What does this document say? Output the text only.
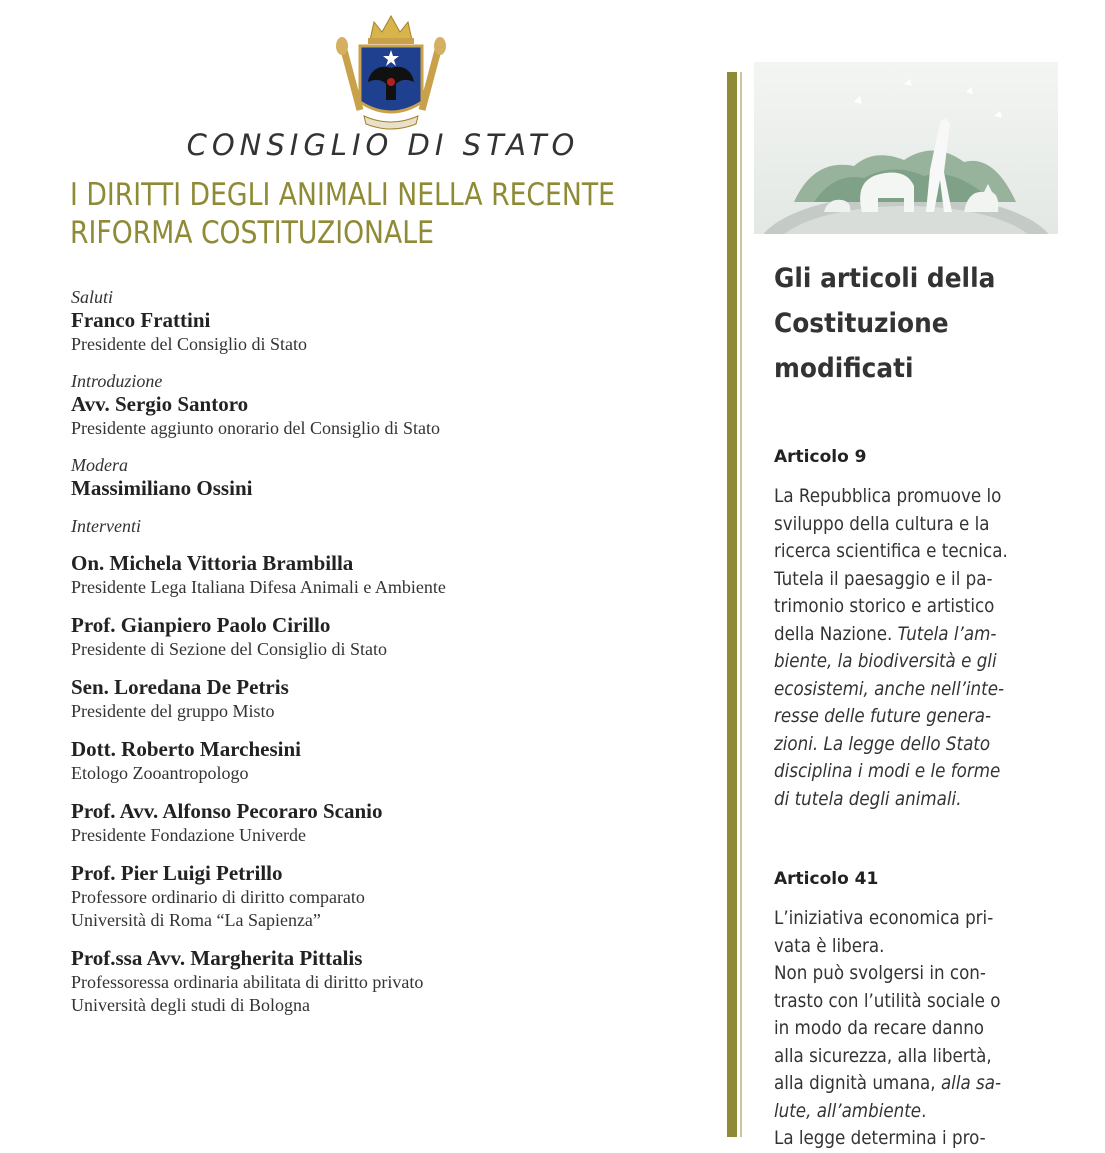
CONSIGLIO DI STATO
I DIRITTI DEGLI ANIMALI NELLA RECENTE
RIFORMA COSTITUZIONALE
Saluti
Franco Frattini
Presidente del Consiglio di Stato
Introduzione
Avv. Sergio Santoro
Presidente aggiunto onorario del Consiglio di Stato
Modera
Massimiliano Ossini
Interventi
On. Michela Vittoria Brambilla
Presidente Lega Italiana Difesa Animali e Ambiente
Prof. Gianpiero Paolo Cirillo
Presidente di Sezione del Consiglio di Stato
Sen. Loredana De Petris
Presidente del gruppo Misto
Dott. Roberto Marchesini
Etologo Zooantropologo
Prof. Avv. Alfonso Pecoraro Scanio
Presidente Fondazione Univerde
Prof. Pier Luigi Petrillo
Professore ordinario di diritto comparato
Università di Roma “La Sapienza”
Prof.ssa Avv. Margherita Pittalis
Professoressa ordinaria abilitata di diritto privato
Università degli studi di Bologna
Gli articoli della
Costituzione
modificati
Articolo 9
La Repubblica promuove lo
sviluppo della cultura e la
ricerca scientifica e tecnica.
Tutela il paesaggio e il pa-
trimonio storico e artistico
della Nazione. Tutela l’am-
biente, la biodiversità e gli
ecosistemi, anche nell’inte-
resse delle future genera-
zioni. La legge dello Stato
disciplina i modi e le forme
di tutela degli animali.
Articolo 41
L’iniziativa economica pri-
vata è libera.
Non può svolgersi in con-
trasto con l’utilità sociale o
in modo da recare danno
alla sicurezza, alla libertà,
alla dignità umana, alla sa-
lute, all’ambiente.
La legge determina i pro-
